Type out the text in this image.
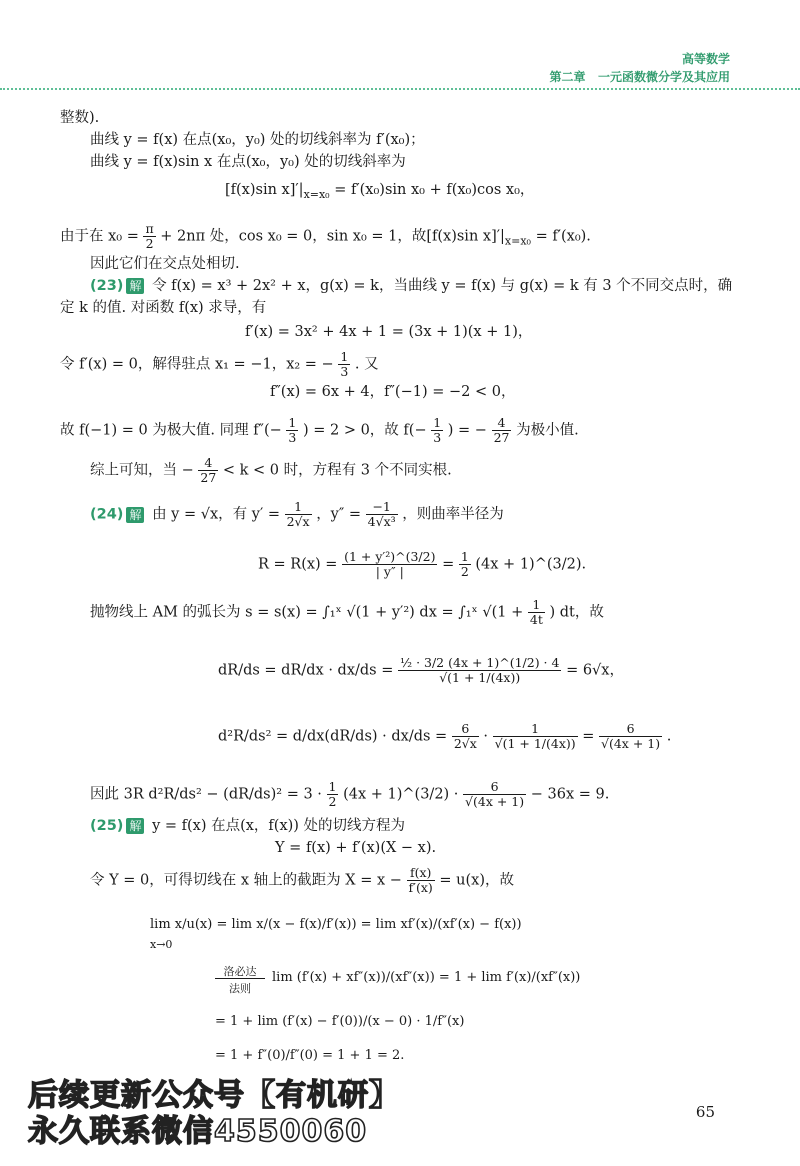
高等数学
第二章   一元函数微分学及其应用
整数).
曲线 y = f(x) 在点(x₀，y₀) 处的切线斜率为 f′(x₀)；
曲线 y = f(x)sin x 在点(x₀，y₀) 处的切线斜率为
[f(x)sin $x]'|_{x=x_0} = f'(x_0)\sin$ x₀ + f(x₀)cos x₀，
由于在 $x_0 = \frac{\pi}{2} + 2n\pi$ 处，cos x₀ = 0，sin x₀ = 1，故[f(x)sin $x]'|_{x=x_0} = f'(x_0)$.
因此它们在交点处相切.
(23) 解 令 f(x) = x³ + 2x² + x，g(x) = k，当曲线 y = f(x) 与 g(x) = k 有 3 个不同交点时，确
定 k 的值. 对函数 f(x) 求导，有
f′(x) = 3x² + 4x + 1 = (3x + 1)(x + 1)，
令 f′(x) = 0，解得驻点 x₁ = −1，x₂ = − $\frac{1}{3}$ . 又
f″(x) = 6x + 4，f″(−1) = −2 < 0，
故 f(−1) = 0 为极大值. 同理 $f''(- \frac{1}{3}$ ) = 2 > 0，故 $f(- \frac{1}{3}$ ) = − $\frac{4}{27}$ 为极小值.
综上可知，当 − $\frac{4}{27} < k < 0$ 时，方程有 3 个不同实根.
(24) 解 由 y = √x，有 $y' = \frac{1}{2√x}$ ，$y'' = \frac{-1}{\text{4√x³}}$ ，则曲率半径为
$R = R(x) = \frac{\text{(1 + y′²)\textasciicircum{}(3/2)}}{| y'' |} = \frac{1}{2} (4x$ + 1)^(3/2).
抛物线上 AM 的弧长为 s = s(x) = ∫₁ˣ √(1 + y′²) dx = ∫₁ˣ $√(1 + \frac{1}{4t}$ ) dt，故
$dR/ds = dR/dx \cdot dx/ds = \frac{\text{½ · 3/2 (4x + 1)\textasciicircum{}(1/2) · 4}}{√(1 + 1/(4x))} = 6√x$，
$d^2R/ds^2 = d/dx(dR/ds) \cdot dx/ds = \frac{6}{2√x} \cdot \frac{1}{√(1 + 1/(4x))} = \frac{6}{√(4x + 1)}$ .
因此 3R $d^2R/ds^2 - (dR/ds)^2 = 3 \cdot \frac{1}{2} (4x$ + 1)^(3/2) · $\frac{6}{√(4x + 1)} - 36x = 9$.
(25) 解 y = f(x) 在点(x，f(x)) 处的切线方程为
Y = f(x) + f′(x)(X − x).
令 Y = 0，可得切线在 x 轴上的截距为 $X = x - \frac{f(x)}{f'(x)} = u(x)$，故
lim x/u(x) = lim x/(x − f(x)/f′(x)) = lim xf′(x)/(xf′(x) − f(x))
x→0
洛必达
法则
lim (f′(x) + xf″(x))/(xf″(x)) = 1 + lim f′(x)/(xf″(x))
= 1 + lim (f′(x) − f′(0))/(x − 0) · 1/f″(x)
= 1 + f″(0)/f″(0) = 1 + 1 = 2.
后续更新公众号【有机研】
永久联系微信4550060
65
